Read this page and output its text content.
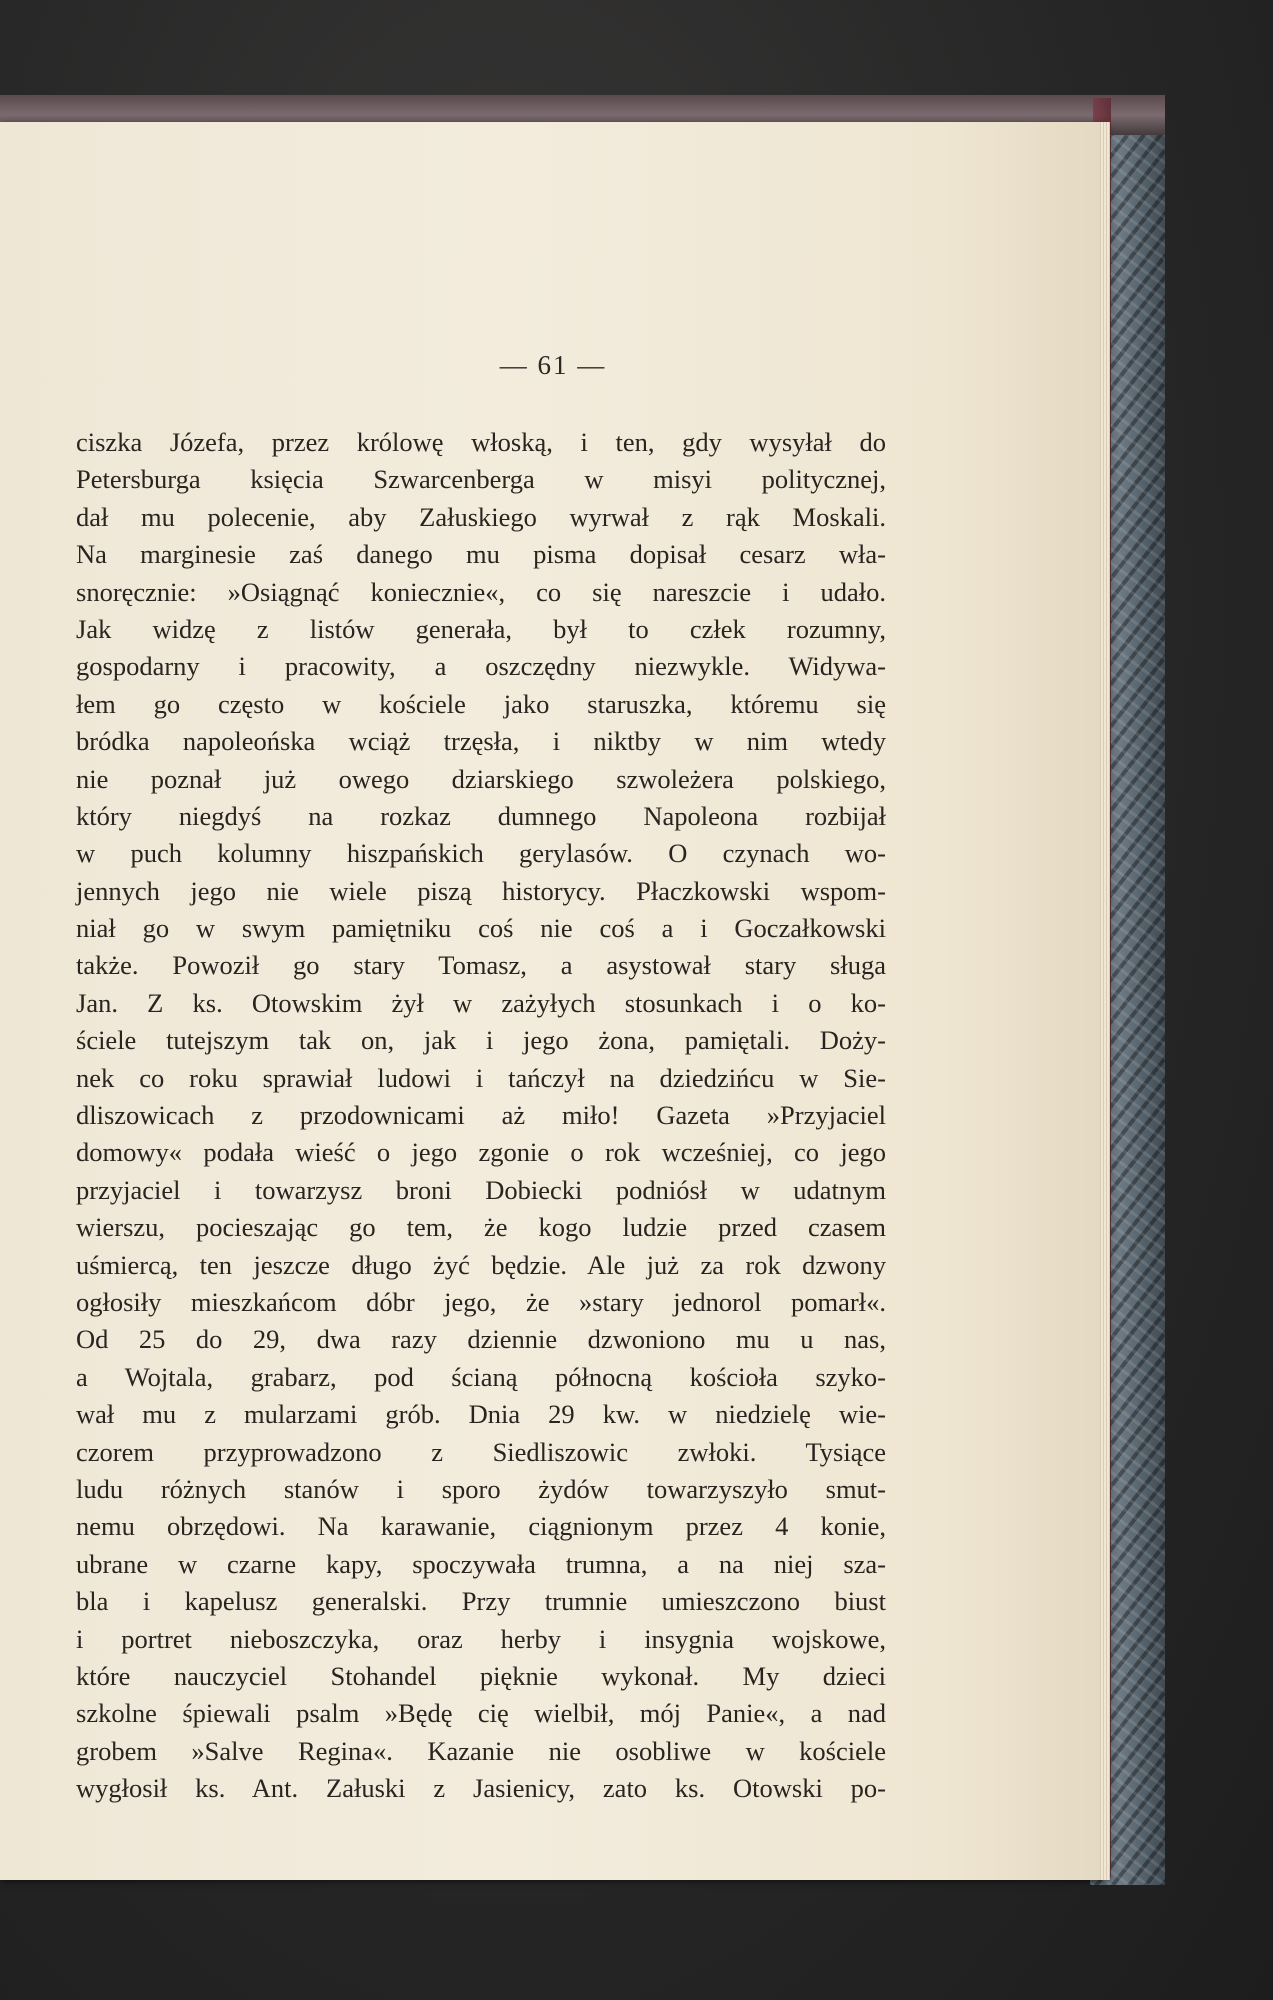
— 61 —

ciszka Józefa, przez królowę włoską, i ten, gdy wysyłał do
Petersburga księcia Szwarcenberga w misyi politycznej,
dał mu polecenie, aby Załuskiego wyrwał z rąk Moskali.
Na marginesie zaś danego mu pisma dopisał cesarz wła-
snoręcznie: »Osiągnąć koniecznie«, co się nareszcie i udało.
Jak widzę z listów generała, był to człek rozumny,
gospodarny i pracowity, a oszczędny niezwykle. Widywa-
łem go często w kościele jako staruszka, któremu się
bródka napoleońska wciąż trzęsła, i niktby w nim wtedy
nie poznał już owego dziarskiego szwoleżera polskiego,
który niegdyś na rozkaz dumnego Napoleona rozbijał
w puch kolumny hiszpańskich gerylasów. O czynach wo-
jennych jego nie wiele piszą historycy. Płaczkowski wspom-
niał go w swym pamiętniku coś nie coś a i Goczałkowski
także. Powoził go stary Tomasz, a asystował stary sługa
Jan. Z ks. Otowskim żył w zażyłych stosunkach i o ko-
ściele tutejszym tak on, jak i jego żona, pamiętali. Doży-
nek co roku sprawiał ludowi i tańczył na dziedzińcu w Sie-
dliszowicach z przodownicami aż miło! Gazeta »Przyjaciel
domowy« podała wieść o jego zgonie o rok wcześniej, co jego
przyjaciel i towarzysz broni Dobiecki podniósł w udatnym
wierszu, pocieszając go tem, że kogo ludzie przed czasem
uśmiercą, ten jeszcze długo żyć będzie. Ale już za rok dzwony
ogłosiły mieszkańcom dóbr jego, że »stary jednorol pomarł«.
Od 25 do 29, dwa razy dziennie dzwoniono mu u nas,
a Wojtala, grabarz, pod ścianą północną kościoła szyko-
wał mu z mularzami grób. Dnia 29 kw. w niedzielę wie-
czorem przyprowadzono z Siedliszowic zwłoki. Tysiące
ludu różnych stanów i sporo żydów towarzyszyło smut-
nemu obrzędowi. Na karawanie, ciągnionym przez 4 konie,
ubrane w czarne kapy, spoczywała trumna, a na niej sza-
bla i kapelusz generalski. Przy trumnie umieszczono biust
i portret nieboszczyka, oraz herby i insygnia wojskowe,
które nauczyciel Stohandel pięknie wykonał. My dzieci
szkolne śpiewali psalm »Będę cię wielbił, mój Panie«, a nad
grobem »Salve Regina«. Kazanie nie osobliwe w kościele
wygłosił ks. Ant. Załuski z Jasienicy, zato ks. Otowski po-
